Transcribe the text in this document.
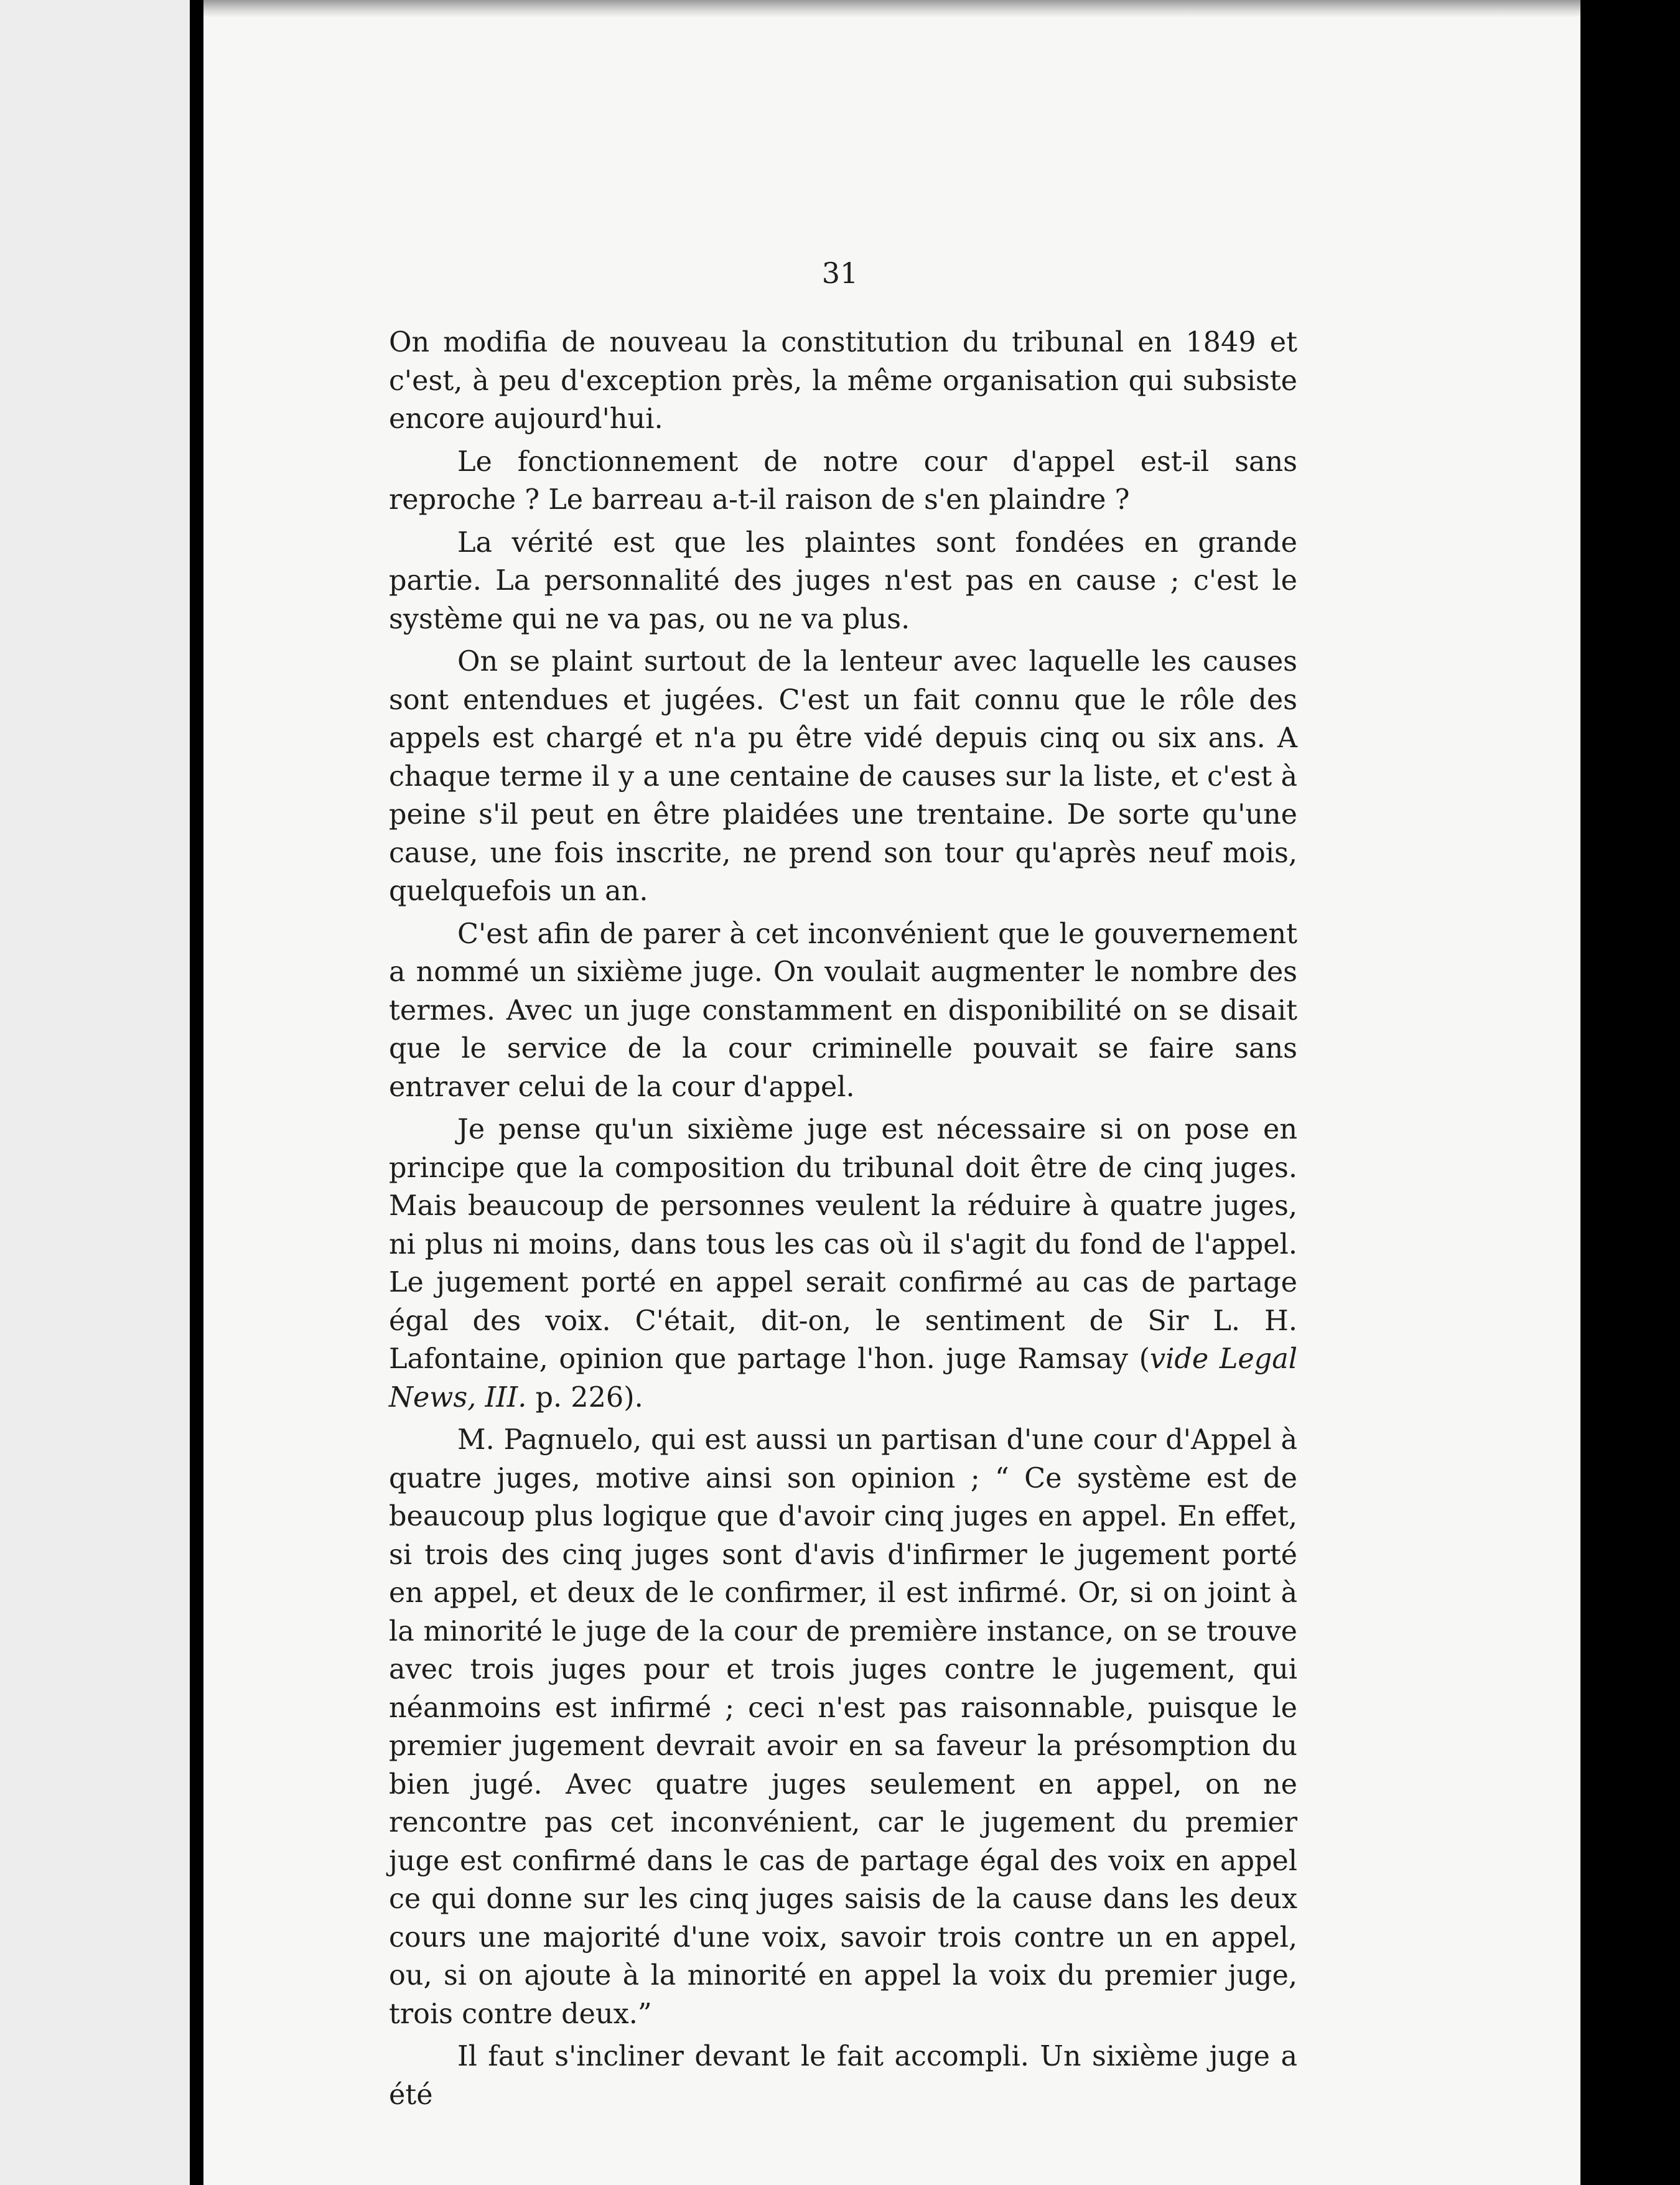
31

On modifia de nouveau la constitution du tribunal en 1849 et c'est, à peu d'exception près, la même organisation qui subsiste encore aujourd'hui.

Le fonctionnement de notre cour d'appel est-il sans reproche ? Le barreau a-t-il raison de s'en plaindre ?

La vérité est que les plaintes sont fondées en grande partie. La personnalité des juges n'est pas en cause ; c'est le système qui ne va pas, ou ne va plus.

On se plaint surtout de la lenteur avec laquelle les causes sont entendues et jugées. C'est un fait connu que le rôle des appels est chargé et n'a pu être vidé depuis cinq ou six ans. A chaque terme il y a une centaine de causes sur la liste, et c'est à peine s'il peut en être plaidées une trentaine. De sorte qu'une cause, une fois inscrite, ne prend son tour qu'après neuf mois, quelquefois un an.

C'est afin de parer à cet inconvénient que le gouvernement a nommé un sixième juge. On voulait augmenter le nombre des termes. Avec un juge constamment en disponibilité on se disait que le service de la cour criminelle pouvait se faire sans entraver celui de la cour d'appel.

Je pense qu'un sixième juge est nécessaire si on pose en principe que la composition du tribunal doit être de cinq juges. Mais beaucoup de personnes veulent la réduire à quatre juges, ni plus ni moins, dans tous les cas où il s'agit du fond de l'appel. Le jugement porté en appel serait confirmé au cas de partage égal des voix. C'était, dit-on, le sentiment de Sir L. H. Lafontaine, opinion que partage l'hon. juge Ramsay (vide Legal News, III. p. 226).

M. Pagnuelo, qui est aussi un partisan d'une cour d'Appel à quatre juges, motive ainsi son opinion ; “ Ce système est de beaucoup plus logique que d'avoir cinq juges en appel. En effet, si trois des cinq juges sont d'avis d'infirmer le jugement porté en appel, et deux de le confirmer, il est infirmé. Or, si on joint à la minorité le juge de la cour de première instance, on se trouve avec trois juges pour et trois juges contre le jugement, qui néanmoins est infirmé ; ceci n'est pas raisonnable, puisque le premier jugement devrait avoir en sa faveur la présomption du bien jugé. Avec quatre juges seulement en appel, on ne rencontre pas cet inconvénient, car le jugement du premier juge est confirmé dans le cas de partage égal des voix en appel ce qui donne sur les cinq juges saisis de la cause dans les deux cours une majorité d'une voix, savoir trois contre un en appel, ou, si on ajoute à la minorité en appel la voix du premier juge, trois contre deux.”

Il faut s'incliner devant le fait accompli. Un sixième juge a été
